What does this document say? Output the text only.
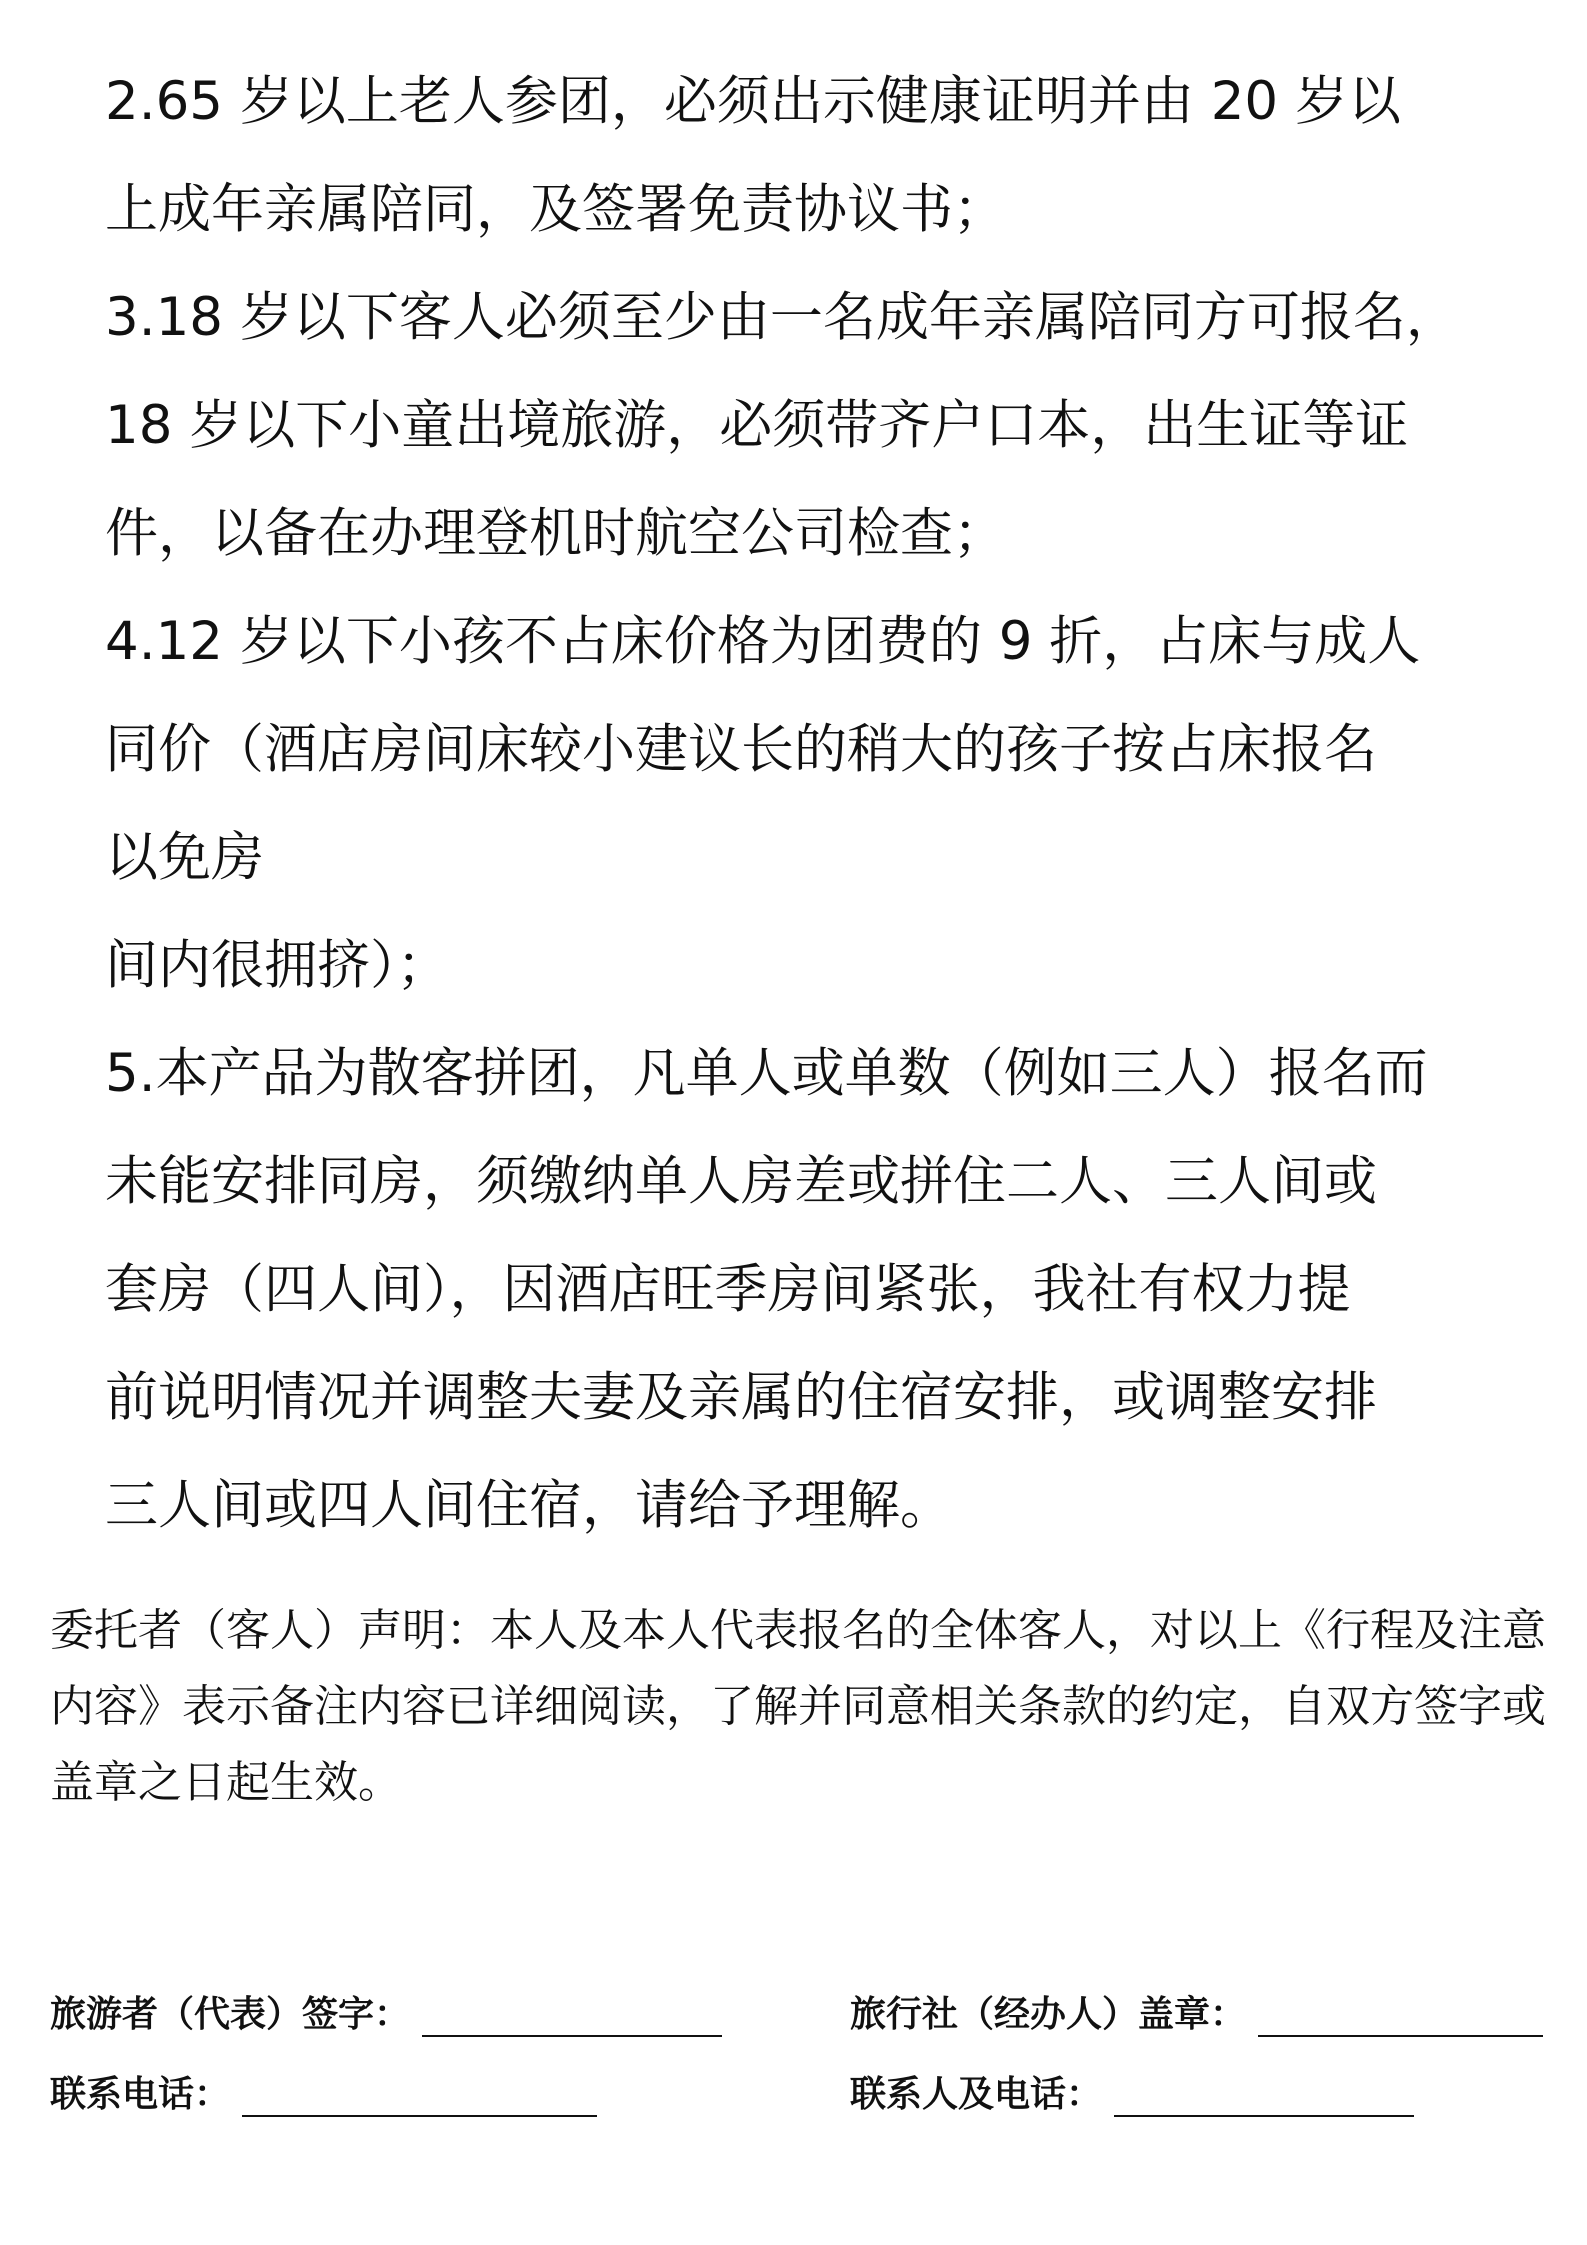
2.65 岁以上老人参团，必须出示健康证明并由 20 岁以
上成年亲属陪同，及签署免责协议书；
3.18 岁以下客人必须至少由一名成年亲属陪同方可报名，
18 岁以下小童出境旅游，必须带齐户口本，出生证等证
件，以备在办理登机时航空公司检查；
4.12 岁以下小孩不占床价格为团费的 9 折，占床与成人
同价（酒店房间床较小建议长的稍大的孩子按占床报名
以免房
间内很拥挤）；
5.本产品为散客拼团，凡单人或单数（例如三人）报名而
未能安排同房，须缴纳单人房差或拼住二人、三人间或
套房（四人间），因酒店旺季房间紧张，我社有权力提
前说明情况并调整夫妻及亲属的住宿安排，或调整安排
三人间或四人间住宿，请给予理解。

委托者（客人）声明：本人及本人代表报名的全体客人，对以上《行程及注意内容》表示备注内容已详细阅读，了解并同意相关条款的约定，自双方签字或盖章之日起生效。

旅游者（代表）签字：	旅行社（经办人）盖章：
联系电话：	联系人及电话：
